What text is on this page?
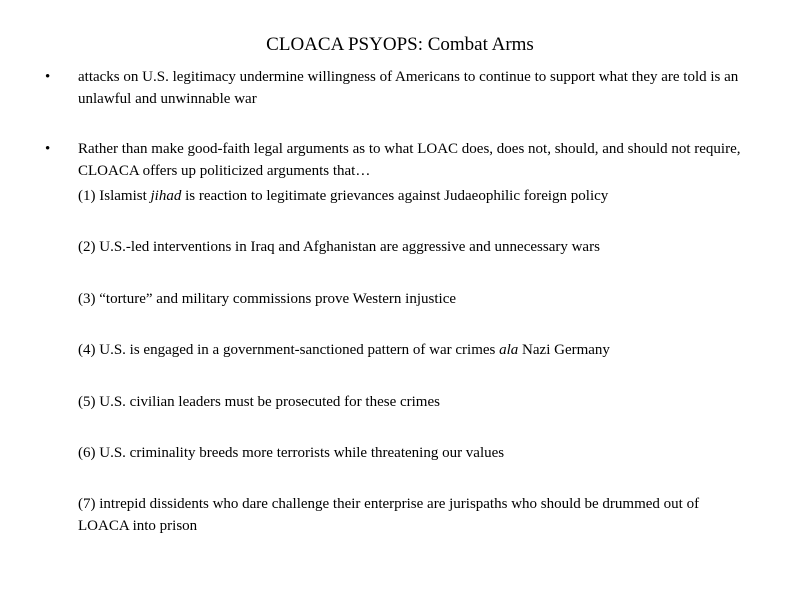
CLOACA PSYOPS: Combat Arms
• attacks on U.S. legitimacy undermine willingness of Americans to continue to support what they are told is an unlawful and unwinnable war
• Rather than make good-faith legal arguments as to what LOAC does, does not, should, and should not require, CLOACA offers up politicized arguments that…
(1) Islamist jihad is reaction to legitimate grievances against Judaeophilic foreign policy
(2) U.S.-led interventions in Iraq and Afghanistan are aggressive and unnecessary wars
(3) “torture” and military commissions prove Western injustice
(4) U.S. is engaged in a government-sanctioned pattern of war crimes ala Nazi Germany
(5) U.S. civilian leaders must be prosecuted for these crimes
(6) U.S. criminality breeds more terrorists while threatening our values
(7) intrepid dissidents who dare challenge their enterprise are jurispaths who should be drummed out of LOACA into prison
